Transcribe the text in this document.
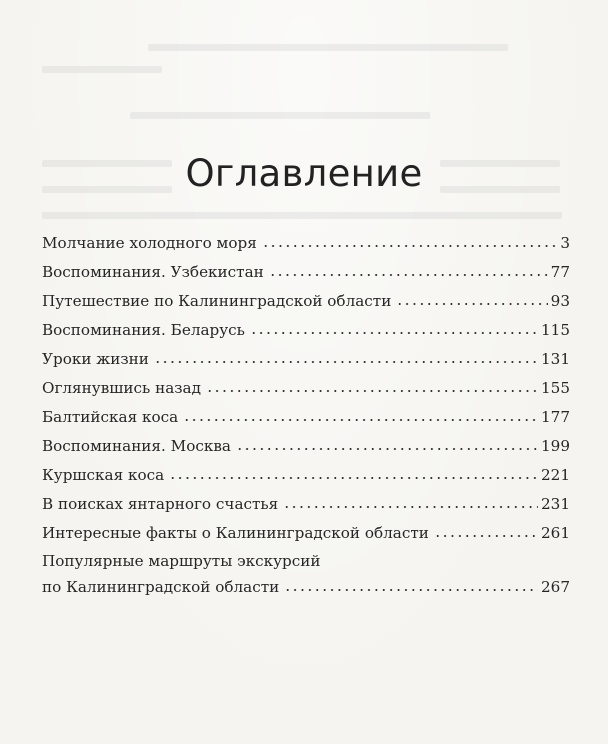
Оглавление
Молчание холодного моря	3
Воспоминания. Узбекистан	77
Путешествие по Калининградской области	93
Воспоминания. Беларусь	115
Уроки жизни	131
Оглянувшись назад	155
Балтийская коса	177
Воспоминания. Москва	199
Куршская коса	221
В поисках янтарного счастья	231
Интересные факты о Калининградской области	261
Популярные маршруты экскурсий
по Калининградской области	267
